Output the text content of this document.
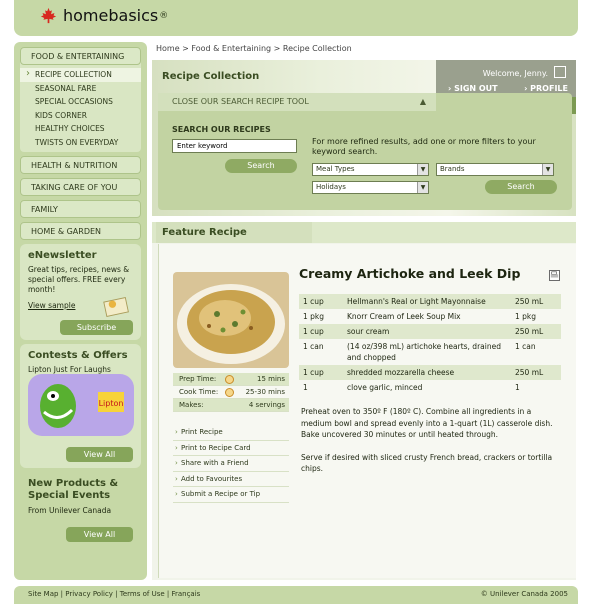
homebasics ®
FOOD & ENTERTAINING
› RECIPE COLLECTION
SEASONAL FARE
SPECIAL OCCASIONS
KIDS CORNER
HEALTHY CHOICES
TWISTS ON EVERYDAY
HEALTH & NUTRITION
TAKING CARE OF YOU
FAMILY
HOME & GARDEN
eNewsletter

Great tips, recipes, news & special offers. FREE every month!

View sample
Subscribe
Contests & Offers

Lipton Just For Laughs

Lipton
View All
New Products & Special Events

From Unilever Canada

View All
Home > Food & Entertaining > Recipe Collection
Recipe Collection	Welcome, Jenny.
› SIGN OUT	› PROFILE
CLOSE OUR SEARCH RECIPE TOOL	▲
SEARCH OUR RECIPES
Enter keyword
Search
For more refined results, add one or more filters to your keyword search.
Meal Types	▼	Brands	▼
Holidays	▼	Search
Feature Recipe
Prep Time:	15 mins
Cook Time:	25-30 mins
Makes:	4 servings
› Print Recipe
› Print to Recipe Card
› Share with a Friend
› Add to Favourites
› Submit a Recipe or Tip
Creamy Artichoke and Leek Dip
1 cup	Hellmann's Real or Light Mayonnaise	250 mL
1 pkg	Knorr Cream of Leek Soup Mix	1 pkg
1 cup	sour cream	250 mL
1 can	(14 oz/398 mL) artichoke hearts, drained and chopped	1 can
1 cup	shredded mozzarella cheese	250 mL
1	clove garlic, minced	1

Preheat oven to 350º F (180º C). Combine all ingredients in a medium bowl and spread evenly into a 1-quart (1L) casserole dish. Bake uncovered 30 minutes or until heated through.

Serve if desired with sliced crusty French bread, crackers or tortilla chips.

Site Map | Privacy Policy | Terms of Use | Français	© Unilever Canada 2005
